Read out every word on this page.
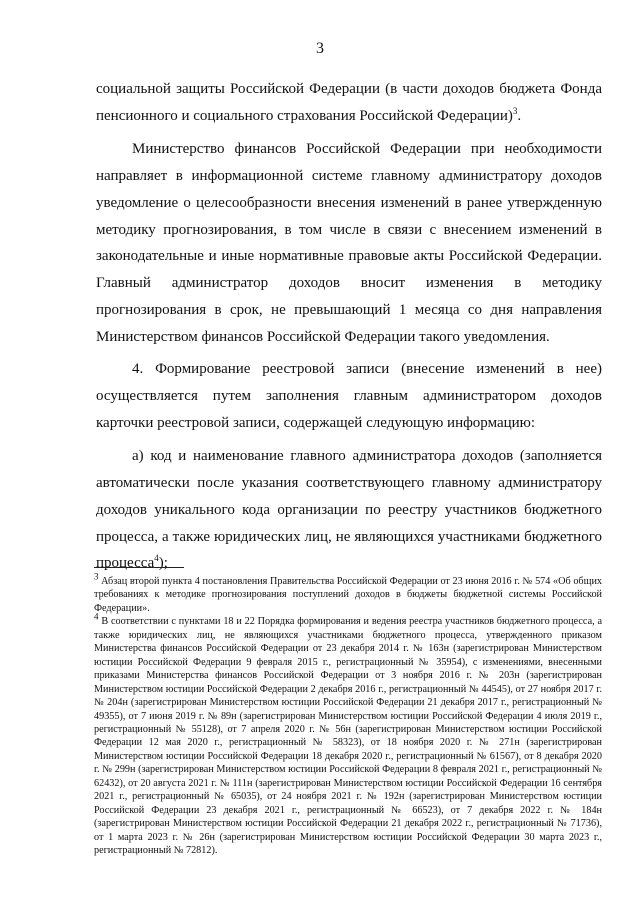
3

социальной защиты Российской Федерации (в части доходов бюджета Фонда пенсионного и социального страхования Российской Федерации)$^3$.

Министерство финансов Российской Федерации при необходимости направляет в информационной системе главному администратору доходов уведомление о целесообразности внесения изменений в ранее утвержденную методику прогнозирования, в том числе в связи с внесением изменений в законодательные и иные нормативные правовые акты Российской Федерации. Главный администратор доходов вносит изменения в методику прогнозирования в срок, не превышающий 1 месяца со дня направления Министерством финансов Российской Федерации такого уведомления.

4. Формирование реестровой записи (внесение изменений в нее) осуществляется путем заполнения главным администратором доходов карточки реестровой записи, содержащей следующую информацию:

а) код и наименование главного администратора доходов (заполняется автоматически после указания соответствующего главному администратору доходов уникального кода организации по реестру участников бюджетного процесса, а также юридических лиц, не являющихся участниками бюджетного процесса$^4$);

$^3$ Абзац второй пункта 4 постановления Правительства Российской Федерации от 23 июня 2016 г. № 574 «Об общих требованиях к методике прогнозирования поступлений доходов в бюджеты бюджетной системы Российской Федерации».

$^4$ В соответствии с пунктами 18 и 22 Порядка формирования и ведения реестра участников бюджетного процесса, а также юридических лиц, не являющихся участниками бюджетного процесса, утвержденного приказом Министерства финансов Российской Федерации от 23 декабря 2014 г. № 163н (зарегистрирован Министерством юстиции Российской Федерации 9 февраля 2015 г., регистрационный № 35954), с изменениями, внесенными приказами Министерства финансов Российской Федерации от 3 ноября 2016 г. № 203н (зарегистрирован Министерством юстиции Российской Федерации 2 декабря 2016 г., регистрационный № 44545), от 27 ноября 2017 г. № 204н (зарегистрирован Министерством юстиции Российской Федерации 21 декабря 2017 г., регистрационный № 49355), от 7 июня 2019 г. № 89н (зарегистрирован Министерством юстиции Российской Федерации 4 июля 2019 г., регистрационный № 55128), от 7 апреля 2020 г. № 56н (зарегистрирован Министерством юстиции Российской Федерации 12 мая 2020 г., регистрационный № 58323), от 18 ноября 2020 г. № 271н (зарегистрирован Министерством юстиции Российской Федерации 18 декабря 2020 г., регистрационный № 61567), от 8 декабря 2020 г. № 299н (зарегистрирован Министерством юстиции Российской Федерации 8 февраля 2021 г., регистрационный № 62432), от 20 августа 2021 г. № 111н (зарегистрирован Министерством юстиции Российской Федерации 16 сентября 2021 г., регистрационный № 65035), от 24 ноября 2021 г. № 192н (зарегистрирован Министерством юстиции Российской Федерации 23 декабря 2021 г., регистрационный № 66523), от 7 декабря 2022 г. № 184н (зарегистрирован Министерством юстиции Российской Федерации 21 декабря 2022 г., регистрационный № 71736), от 1 марта 2023 г. № 26н (зарегистрирован Министерством юстиции Российской Федерации 30 марта 2023 г., регистрационный № 72812).
